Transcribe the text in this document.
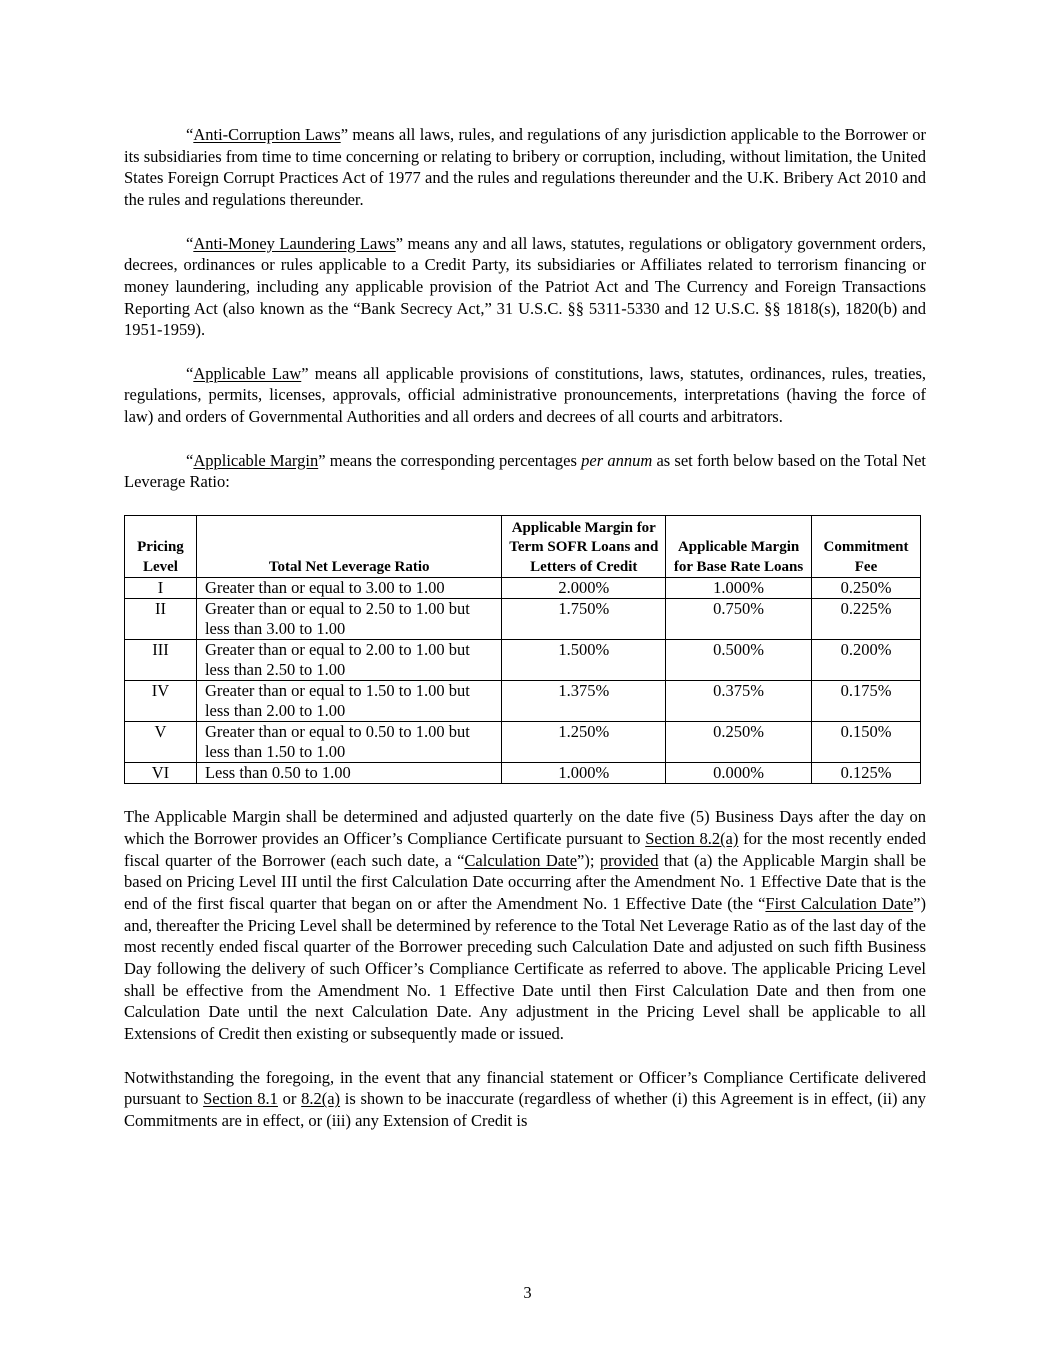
“Anti-Corruption Laws” means all laws, rules, and regulations of any jurisdiction applicable to the Borrower or its subsidiaries from time to time concerning or relating to bribery or corruption, including, without limitation, the United States Foreign Corrupt Practices Act of 1977 and the rules and regulations thereunder and the U.K. Bribery Act 2010 and the rules and regulations thereunder.

“Anti-Money Laundering Laws” means any and all laws, statutes, regulations or obligatory government orders, decrees, ordinances or rules applicable to a Credit Party, its subsidiaries or Affiliates related to terrorism financing or money laundering, including any applicable provision of the Patriot Act and The Currency and Foreign Transactions Reporting Act (also known as the “Bank Secrecy Act,” 31 U.S.C. §§ 5311-5330 and 12 U.S.C. §§ 1818(s), 1820(b) and 1951-1959).

“Applicable Law” means all applicable provisions of constitutions, laws, statutes, ordinances, rules, treaties, regulations, permits, licenses, approvals, official administrative pronouncements, interpretations (having the force of law) and orders of Governmental Authorities and all orders and decrees of all courts and arbitrators.

“Applicable Margin” means the corresponding percentages per annum as set forth below based on the Total Net Leverage Ratio:

Pricing Level	Total Net Leverage Ratio	Applicable Margin for Term SOFR Loans and Letters of Credit	Applicable Margin for Base Rate Loans	Commitment Fee
I	Greater than or equal to 3.00 to 1.00	2.000%	1.000%	0.250%
II	Greater than or equal to 2.50 to 1.00 but less than 3.00 to 1.00	1.750%	0.750%	0.225%
III	Greater than or equal to 2.00 to 1.00 but less than 2.50 to 1.00	1.500%	0.500%	0.200%
IV	Greater than or equal to 1.50 to 1.00 but less than 2.00 to 1.00	1.375%	0.375%	0.175%
V	Greater than or equal to 0.50 to 1.00 but less than 1.50 to 1.00	1.250%	0.250%	0.150%
VI	Less than 0.50 to 1.00	1.000%	0.000%	0.125%

The Applicable Margin shall be determined and adjusted quarterly on the date five (5) Business Days after the day on which the Borrower provides an Officer’s Compliance Certificate pursuant to Section 8.2(a) for the most recently ended fiscal quarter of the Borrower (each such date, a “Calculation Date”); provided that (a) the Applicable Margin shall be based on Pricing Level III until the first Calculation Date occurring after the Amendment No. 1 Effective Date that is the end of the first fiscal quarter that began on or after the Amendment No. 1 Effective Date (the “First Calculation Date”) and, thereafter the Pricing Level shall be determined by reference to the Total Net Leverage Ratio as of the last day of the most recently ended fiscal quarter of the Borrower preceding such Calculation Date and adjusted on such fifth Business Day following the delivery of such Officer’s Compliance Certificate as referred to above. The applicable Pricing Level shall be effective from the Amendment No. 1 Effective Date until then First Calculation Date and then from one Calculation Date until the next Calculation Date. Any adjustment in the Pricing Level shall be applicable to all Extensions of Credit then existing or subsequently made or issued.

Notwithstanding the foregoing, in the event that any financial statement or Officer’s Compliance Certificate delivered pursuant to Section 8.1 or 8.2(a) is shown to be inaccurate (regardless of whether (i) this Agreement is in effect, (ii) any Commitments are in effect, or (iii) any Extension of Credit is

3
